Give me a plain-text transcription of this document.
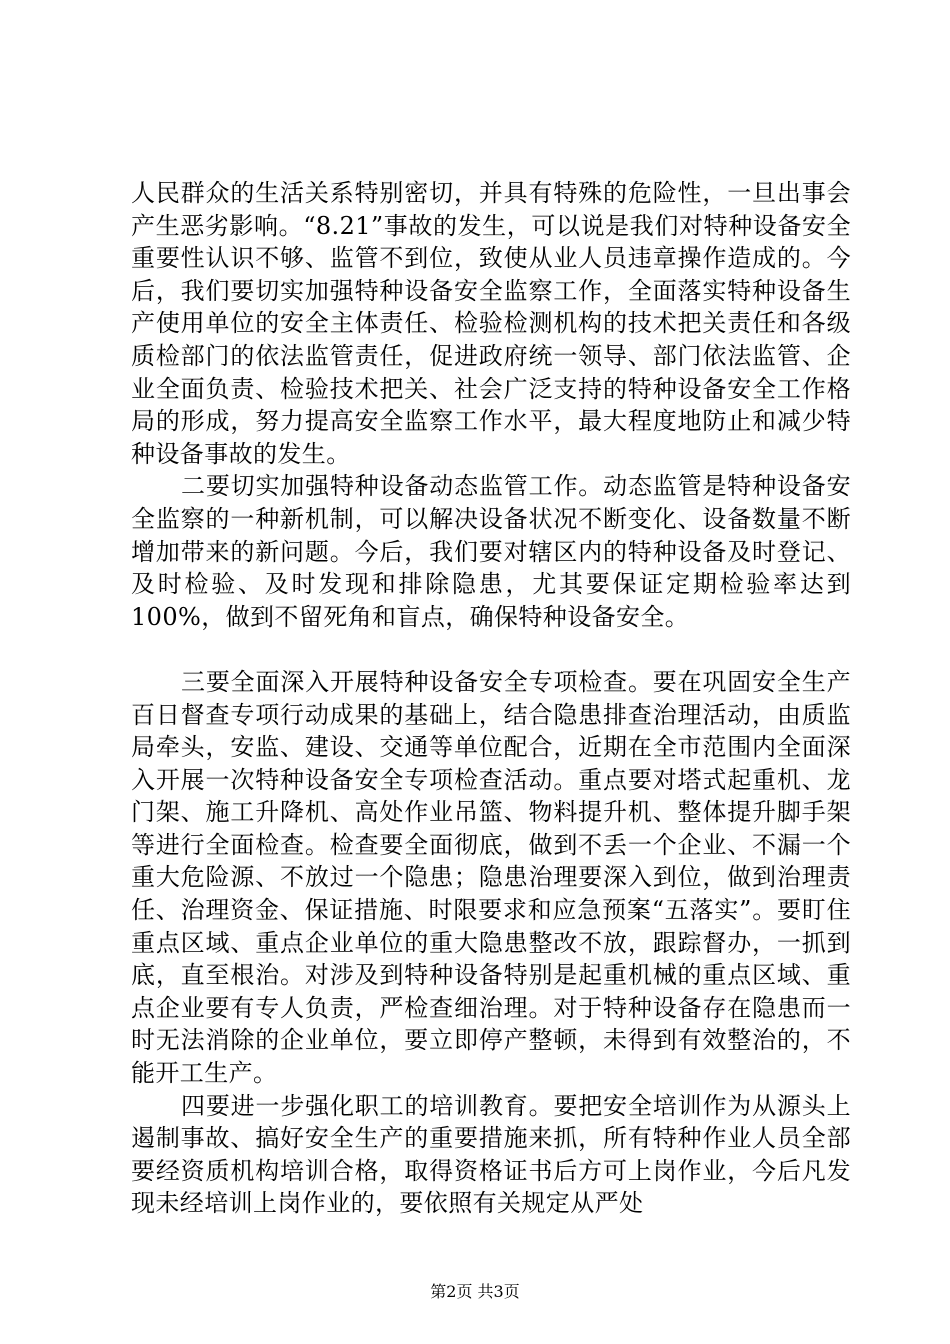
人民群众的生活关系特别密切，并具有特殊的危险性，一旦出事会产生恶劣影响。“8.21”事故的发生，可以说是我们对特种设备安全重要性认识不够、监管不到位，致使从业人员违章操作造成的。今后，我们要切实加强特种设备安全监察工作，全面落实特种设备生产使用单位的安全主体责任、检验检测机构的技术把关责任和各级质检部门的依法监管责任，促进政府统一领导、部门依法监管、企业全面负责、检验技术把关、社会广泛支持的特种设备安全工作格局的形成，努力提高安全监察工作水平，最大程度地防止和减少特种设备事故的发生。

二要切实加强特种设备动态监管工作。动态监管是特种设备安全监察的一种新机制，可以解决设备状况不断变化、设备数量不断增加带来的新问题。今后，我们要对辖区内的特种设备及时登记、及时检验、及时发现和排除隐患，尤其要保证定期检验率达到100%，做到不留死角和盲点，确保特种设备安全。

三要全面深入开展特种设备安全专项检查。要在巩固安全生产百日督查专项行动成果的基础上，结合隐患排查治理活动，由质监局牵头，安监、建设、交通等单位配合，近期在全市范围内全面深入开展一次特种设备安全专项检查活动。重点要对塔式起重机、龙门架、施工升降机、高处作业吊篮、物料提升机、整体提升脚手架等进行全面检查。检查要全面彻底，做到不丢一个企业、不漏一个重大危险源、不放过一个隐患；隐患治理要深入到位，做到治理责任、治理资金、保证措施、时限要求和应急预案“五落实”。要盯住重点区域、重点企业单位的重大隐患整改不放，跟踪督办，一抓到底，直至根治。对涉及到特种设备特别是起重机械的重点区域、重点企业要有专人负责，严检查细治理。对于特种设备存在隐患而一时无法消除的企业单位，要立即停产整顿，未得到有效整治的，不能开工生产。

四要进一步强化职工的培训教育。要把安全培训作为从源头上遏制事故、搞好安全生产的重要措施来抓，所有特种作业人员全部要经资质机构培训合格，取得资格证书后方可上岗作业，今后凡发现未经培训上岗作业的，要依照有关规定从严处

第2页 共3页
